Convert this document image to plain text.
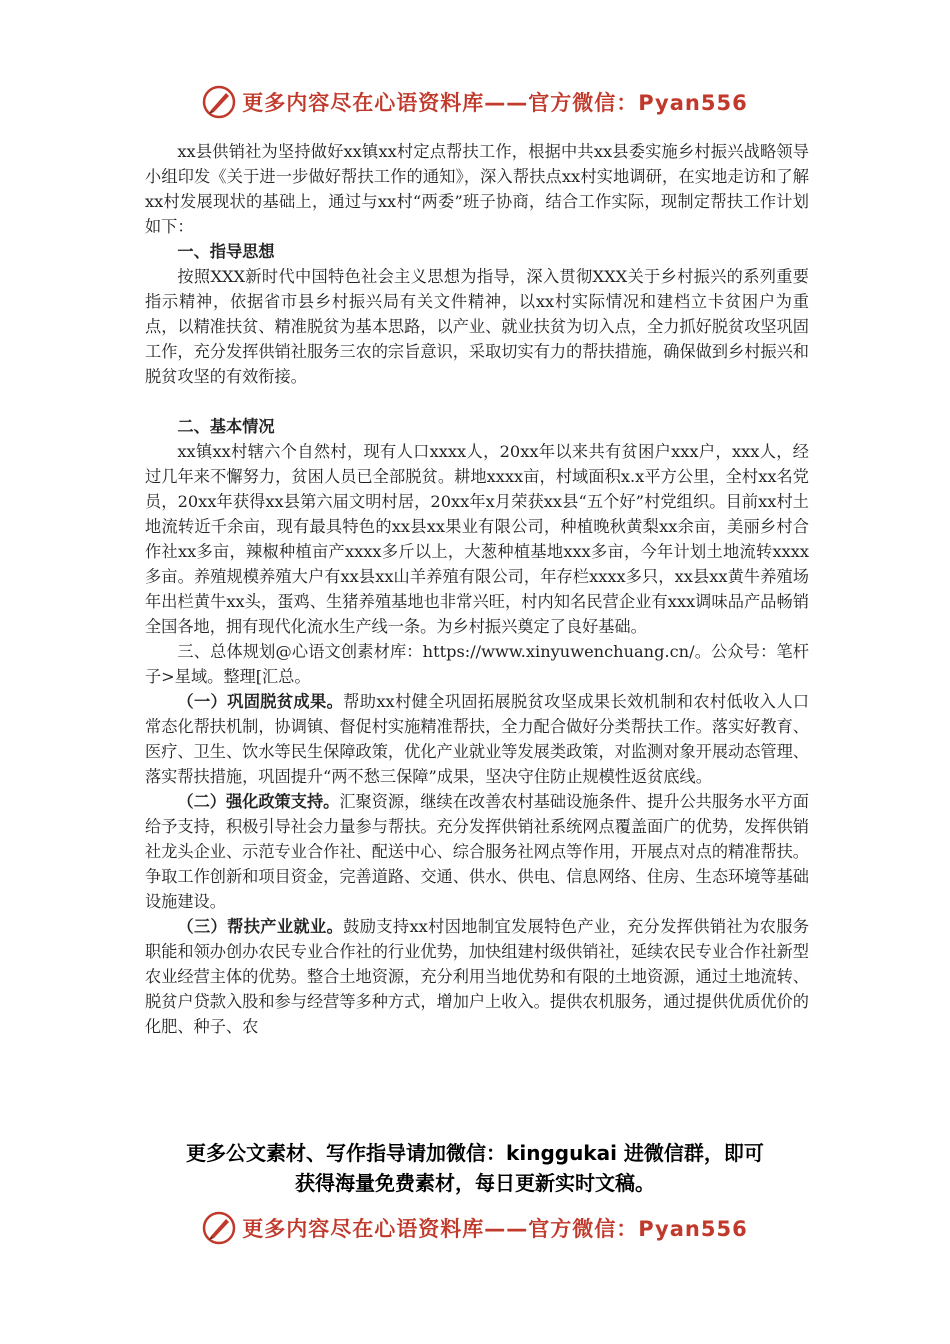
更多内容尽在心语资料库——官方微信：Pyan556

xx县供销社为坚持做好xx镇xx村定点帮扶工作，根据中共xx县委实施乡村振兴战略领导小组印发《关于进一步做好帮扶工作的通知》，深入帮扶点xx村实地调研，在实地走访和了解xx村发展现状的基础上，通过与xx村“两委”班子协商，结合工作实际，现制定帮扶工作计划如下：

一、指导思想

按照XXX新时代中国特色社会主义思想为指导，深入贯彻XXX关于乡村振兴的系列重要指示精神，依据省市县乡村振兴局有关文件精神，以xx村实际情况和建档立卡贫困户为重点，以精准扶贫、精准脱贫为基本思路，以产业、就业扶贫为切入点，全力抓好脱贫攻坚巩固工作，充分发挥供销社服务三农的宗旨意识，采取切实有力的帮扶措施，确保做到乡村振兴和脱贫攻坚的有效衔接。

二、基本情况

xx镇xx村辖六个自然村，现有人口xxxx人，20xx年以来共有贫困户xxx户，xxx人，经过几年来不懈努力，贫困人员已全部脱贫。耕地xxxx亩，村域面积x.x平方公里，全村xx名党员，20xx年获得xx县第六届文明村居，20xx年x月荣获xx县“五个好”村党组织。目前xx村土地流转近千余亩，现有最具特色的xx县xx果业有限公司，种植晚秋黄梨xx余亩，美丽乡村合作社xx多亩，辣椒种植亩产xxxx多斤以上，大葱种植基地xxx多亩，今年计划土地流转xxxx多亩。养殖规模养殖大户有xx县xx山羊养殖有限公司，年存栏xxxx多只，xx县xx黄牛养殖场年出栏黄牛xx头，蛋鸡、生猪养殖基地也非常兴旺，村内知名民营企业有xxx调味品产品畅销全国各地，拥有现代化流水生产线一条。为乡村振兴奠定了良好基础。

三、总体规划@心语文创素材库：https://www.xinyuwenchuang.cn/。公众号：笔杆子>星域。整理[汇总。

（一）巩固脱贫成果。帮助xx村健全巩固拓展脱贫攻坚成果长效机制和农村低收入人口常态化帮扶机制，协调镇、督促村实施精准帮扶，全力配合做好分类帮扶工作。落实好教育、医疗、卫生、饮水等民生保障政策，优化产业就业等发展类政策，对监测对象开展动态管理、落实帮扶措施，巩固提升“两不愁三保障”成果，坚决守住防止规模性返贫底线。

（二）强化政策支持。汇聚资源，继续在改善农村基础设施条件、提升公共服务水平方面给予支持，积极引导社会力量参与帮扶。充分发挥供销社系统网点覆盖面广的优势，发挥供销社龙头企业、示范专业合作社、配送中心、综合服务社网点等作用，开展点对点的精准帮扶。争取工作创新和项目资金，完善道路、交通、供水、供电、信息网络、住房、生态环境等基础设施建设。

（三）帮扶产业就业。鼓励支持xx村因地制宜发展特色产业，充分发挥供销社为农服务职能和领办创办农民专业合作社的行业优势，加快组建村级供销社，延续农民专业合作社新型农业经营主体的优势。整合土地资源，充分利用当地优势和有限的土地资源，通过土地流转、脱贫户贷款入股和参与经营等多种方式，增加户上收入。提供农机服务，通过提供优质优价的化肥、种子、农

更多公文素材、写作指导请加微信：kinggukai 进微信群，即可
获得海量免费素材，每日更新实时文稿。
更多内容尽在心语资料库——官方微信：Pyan556
